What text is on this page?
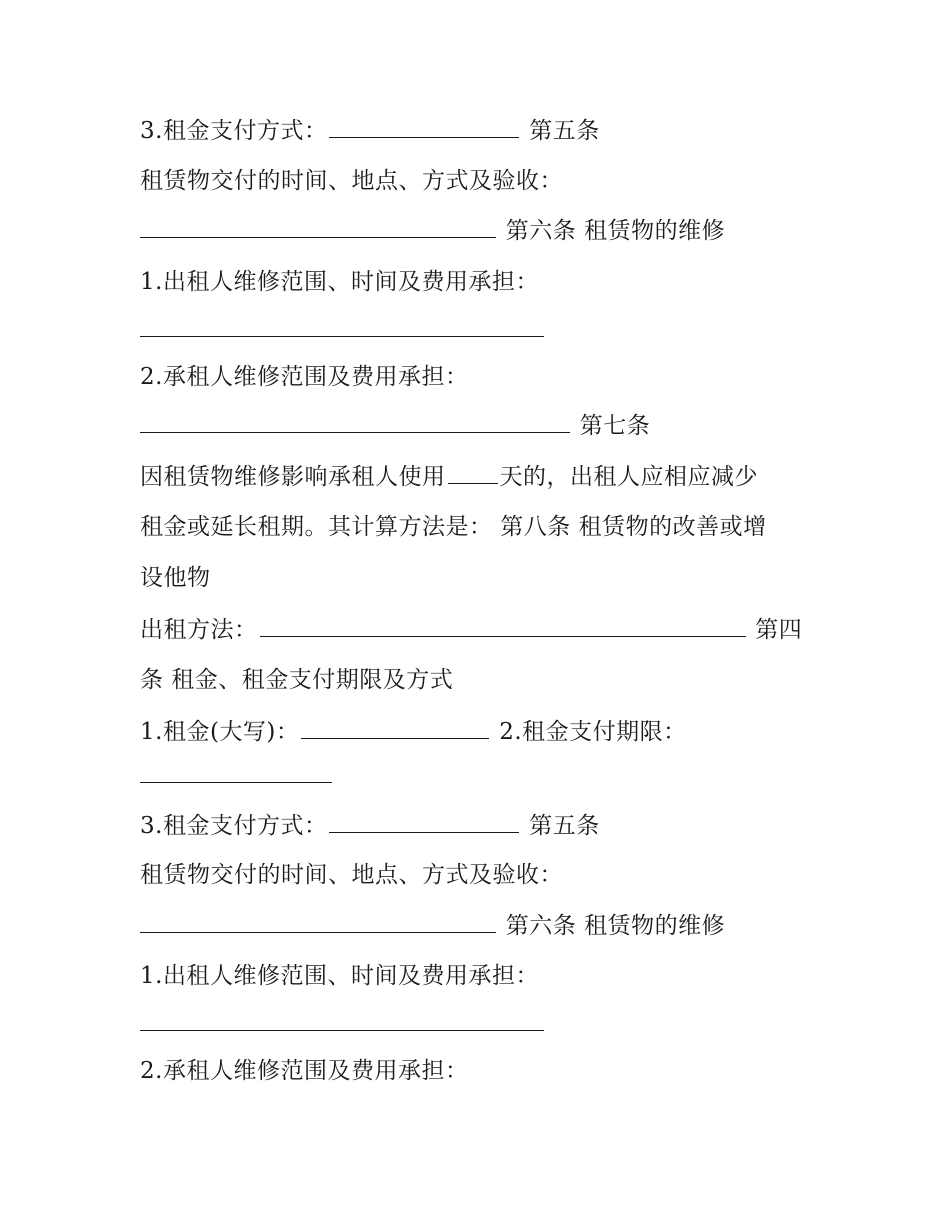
3.租金支付方式：	第五条
租赁物交付的时间、地点、方式及验收：
第六条 租赁物的维修
1.出租人维修范围、时间及费用承担：
2.承租人维修范围及费用承担：
第七条
因租赁物维修影响承租人使用 天的，出租人应相应减少
租金或延长租期。其计算方法是： 第八条 租赁物的改善或增
设他物
出租方法：	第四
条 租金、租金支付期限及方式
1.租金(大写)：	2.租金支付期限：
3.租金支付方式：	第五条
租赁物交付的时间、地点、方式及验收：
第六条 租赁物的维修
1.出租人维修范围、时间及费用承担：
2.承租人维修范围及费用承担：
